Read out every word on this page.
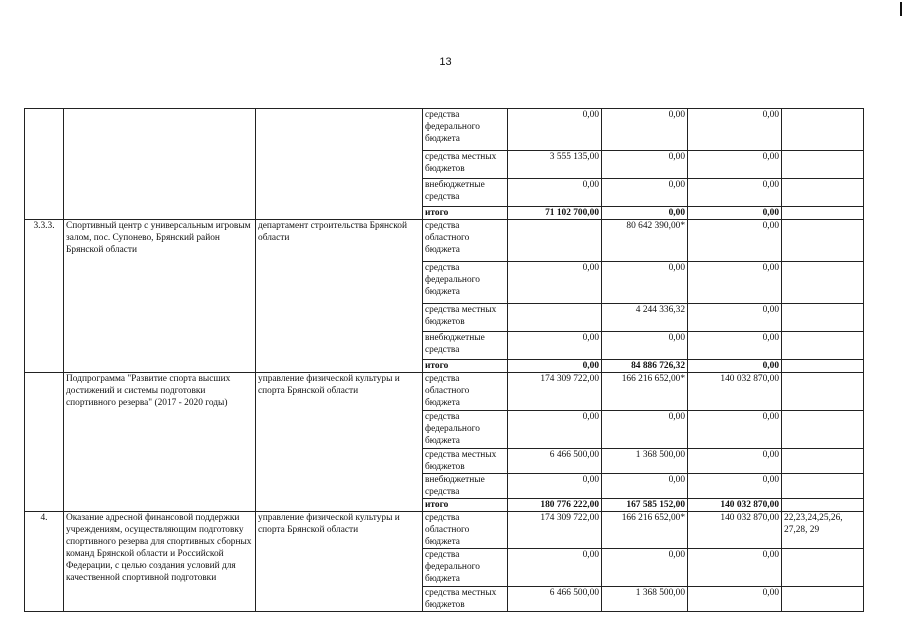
13
			средства федерального бюджета	0,00	0,00	0,00	
			средства местных бюджетов	3 555 135,00	0,00	0,00	
			внебюджетные средства	0,00	0,00	0,00	
			итого	71 102 700,00	0,00	0,00	
3.3.3.	Спортивный центр с универсальным игровым залом, пос. Супонево, Брянский район Брянской области	департамент строительства Брянской области	средства областного бюджета		80 642 390,00*	0,00	
			средства федерального бюджета	0,00	0,00	0,00	
			средства местных бюджетов		4 244 336,32	0,00	
			внебюджетные средства	0,00	0,00	0,00	
			итого	0,00	84 886 726,32	0,00	
	Подпрограмма "Развитие спорта высших достижений и системы подготовки спортивного резерва" (2017 - 2020 годы)	управление физической культуры и спорта Брянской области	средства областного бюджета	174 309 722,00	166 216 652,00*	140 032 870,00	
			средства федерального бюджета	0,00	0,00	0,00	
			средства местных бюджетов	6 466 500,00	1 368 500,00	0,00	
			внебюджетные средства	0,00	0,00	0,00	
			итого	180 776 222,00	167 585 152,00	140 032 870,00	
4.	Оказание адресной финансовой поддержки учреждениям, осуществляющим подготовку спортивного резерва для спортивных сборных команд Брянской области и Российской Федерации, с целью создания условий для качественной спортивной подготовки	управление физической культуры и спорта Брянской области	средства областного бюджета	174 309 722,00	166 216 652,00*	140 032 870,00	22,23,24,25,26, 27,28, 29
			средства федерального бюджета	0,00	0,00	0,00	
			средства местных бюджетов	6 466 500,00	1 368 500,00	0,00	
